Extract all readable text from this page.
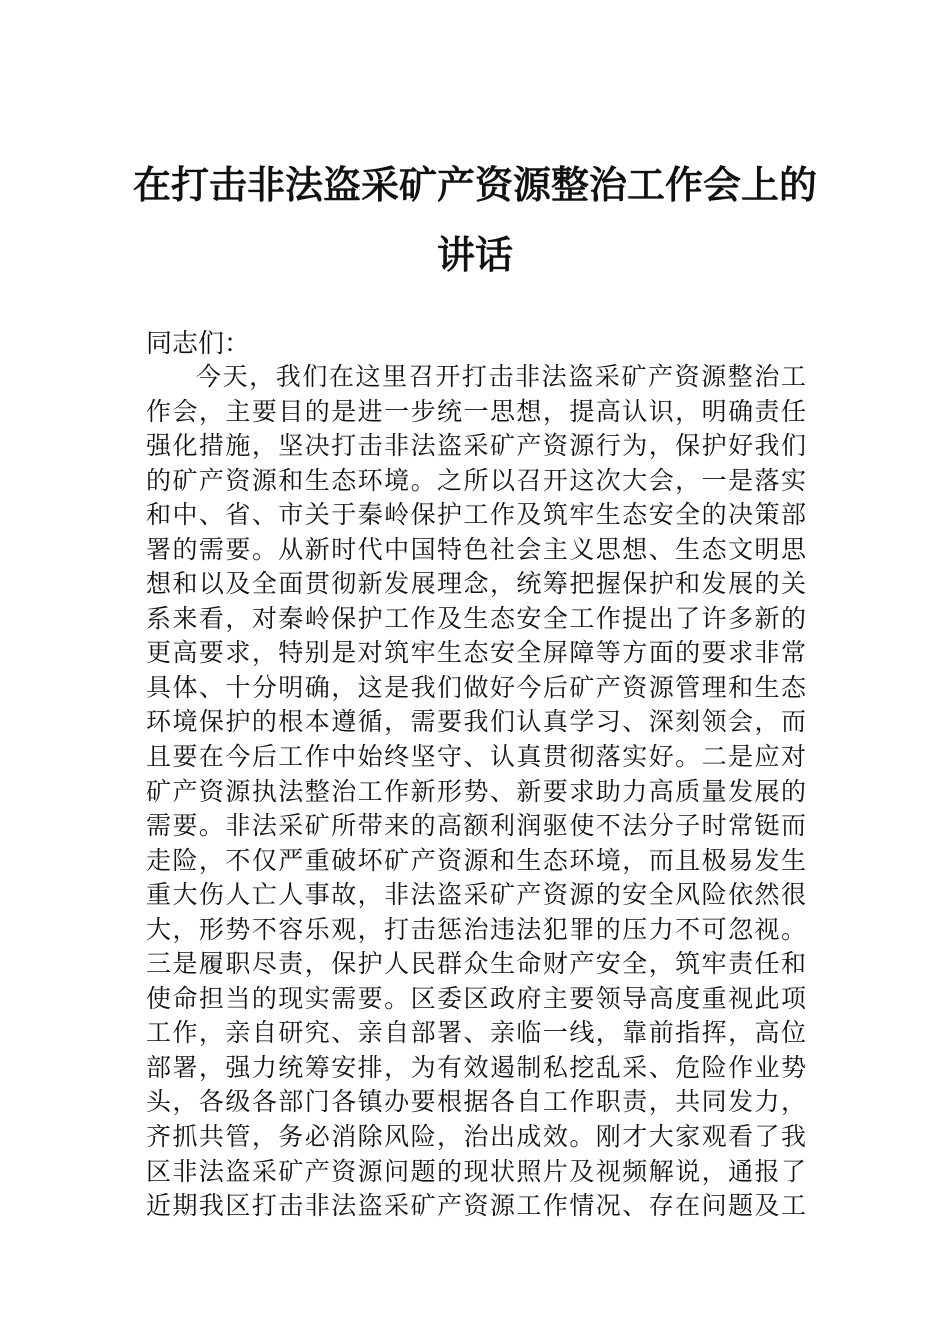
在打击非法盗采矿产资源整治工作会上的
讲话
同志们：
今天，我们在这里召开打击非法盗采矿产资源整治工
作会，主要目的是进一步统一思想，提高认识，明确责任
强化措施，坚决打击非法盗采矿产资源行为，保护好我们
的矿产资源和生态环境。之所以召开这次大会，一是落实
和中、省、市关于秦岭保护工作及筑牢生态安全的决策部
署的需要。从新时代中国特色社会主义思想、生态文明思
想和以及全面贯彻新发展理念，统筹把握保护和发展的关
系来看，对秦岭保护工作及生态安全工作提出了许多新的
更高要求，特别是对筑牢生态安全屏障等方面的要求非常
具体、十分明确，这是我们做好今后矿产资源管理和生态
环境保护的根本遵循，需要我们认真学习、深刻领会，而
且要在今后工作中始终坚守、认真贯彻落实好。二是应对
矿产资源执法整治工作新形势、新要求助力高质量发展的
需要。非法采矿所带来的高额利润驱使不法分子时常铤而
走险，不仅严重破坏矿产资源和生态环境，而且极易发生
重大伤人亡人事故，非法盗采矿产资源的安全风险依然很
大，形势不容乐观，打击惩治违法犯罪的压力不可忽视。
三是履职尽责，保护人民群众生命财产安全，筑牢责任和
使命担当的现实需要。区委区政府主要领导高度重视此项
工作，亲自研究、亲自部署、亲临一线，靠前指挥，高位
部署，强力统筹安排，为有效遏制私挖乱采、危险作业势
头，各级各部门各镇办要根据各自工作职责，共同发力，
齐抓共管，务必消除风险，治出成效。刚才大家观看了我
区非法盗采矿产资源问题的现状照片及视频解说，通报了
近期我区打击非法盗采矿产资源工作情况、存在问题及工
